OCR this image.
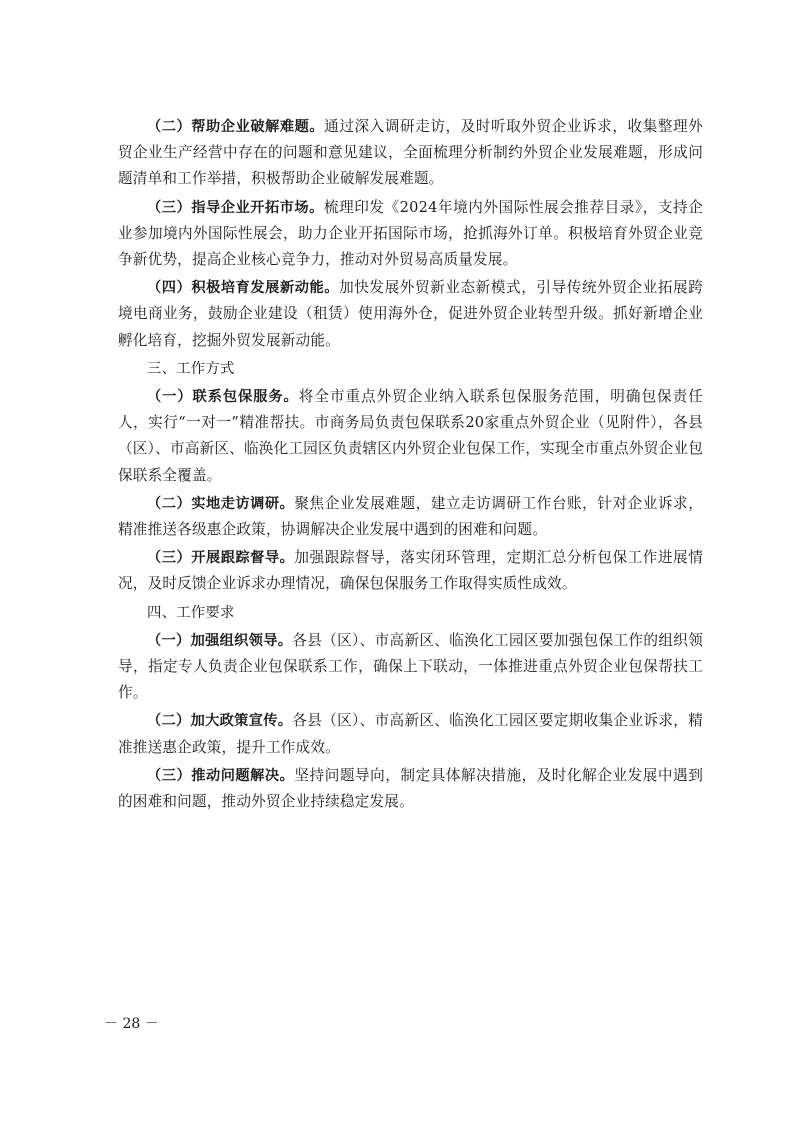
（二）帮助企业破解难题。通过深入调研走访，及时听取外贸企业诉求，收集整理外贸企业生产经营中存在的问题和意见建议，全面梳理分析制约外贸企业发展难题，形成问题清单和工作举措，积极帮助企业破解发展难题。

（三）指导企业开拓市场。梳理印发《2024年境内外国际性展会推荐目录》，支持企业参加境内外国际性展会，助力企业开拓国际市场，抢抓海外订单。积极培育外贸企业竞争新优势，提高企业核心竞争力，推动对外贸易高质量发展。

（四）积极培育发展新动能。加快发展外贸新业态新模式，引导传统外贸企业拓展跨境电商业务，鼓励企业建设（租赁）使用海外仓，促进外贸企业转型升级。抓好新增企业孵化培育，挖掘外贸发展新动能。

三、工作方式

（一）联系包保服务。将全市重点外贸企业纳入联系包保服务范围，明确包保责任人，实行“一对一”精准帮扶。市商务局负责包保联系20家重点外贸企业（见附件），各县（区）、市高新区、临涣化工园区负责辖区内外贸企业包保工作，实现全市重点外贸企业包保联系全覆盖。

（二）实地走访调研。聚焦企业发展难题，建立走访调研工作台账，针对企业诉求，精准推送各级惠企政策，协调解决企业发展中遇到的困难和问题。

（三）开展跟踪督导。加强跟踪督导，落实闭环管理，定期汇总分析包保工作进展情况，及时反馈企业诉求办理情况，确保包保服务工作取得实质性成效。

四、工作要求

（一）加强组织领导。各县（区）、市高新区、临涣化工园区要加强包保工作的组织领导，指定专人负责企业包保联系工作，确保上下联动，一体推进重点外贸企业包保帮扶工作。

（二）加大政策宣传。各县（区）、市高新区、临涣化工园区要定期收集企业诉求，精准推送惠企政策，提升工作成效。

（三）推动问题解决。坚持问题导向，制定具体解决措施，及时化解企业发展中遇到的困难和问题，推动外贸企业持续稳定发展。

－ 28 －
